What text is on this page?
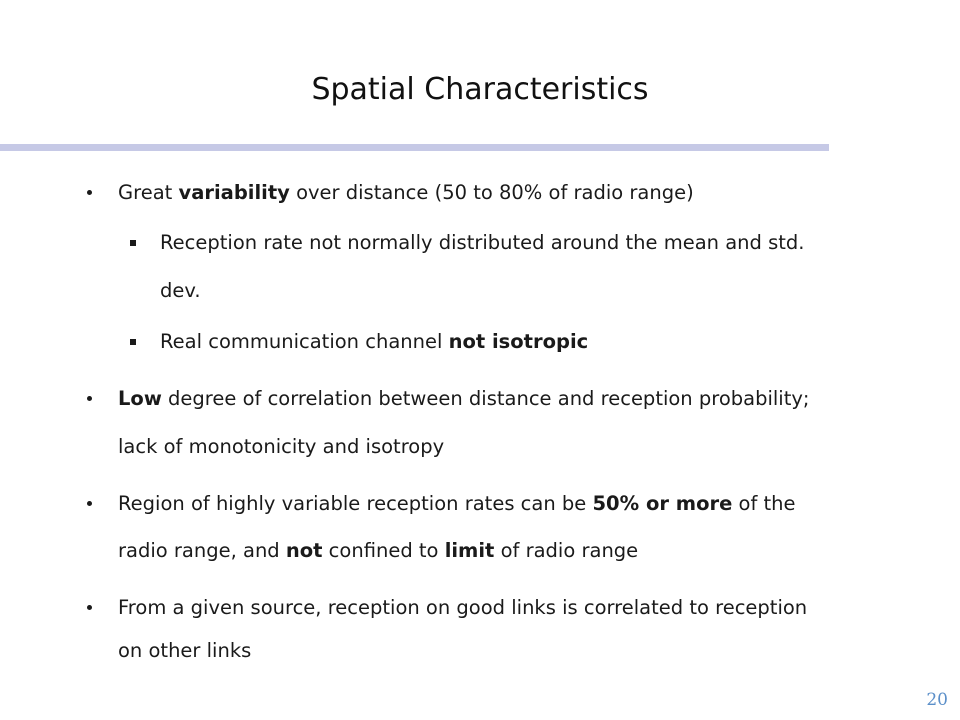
Spatial Characteristics
Great variability over distance (50 to 80% of radio range)
Reception rate not normally distributed around the mean and std.
dev.
Real communication channel not isotropic
Low degree of correlation between distance and reception probability;
lack of monotonicity and isotropy
Region of highly variable reception rates can be 50% or more of the
radio range, and not confined to limit of radio range
From a given source, reception on good links is correlated to reception
on other links
20
